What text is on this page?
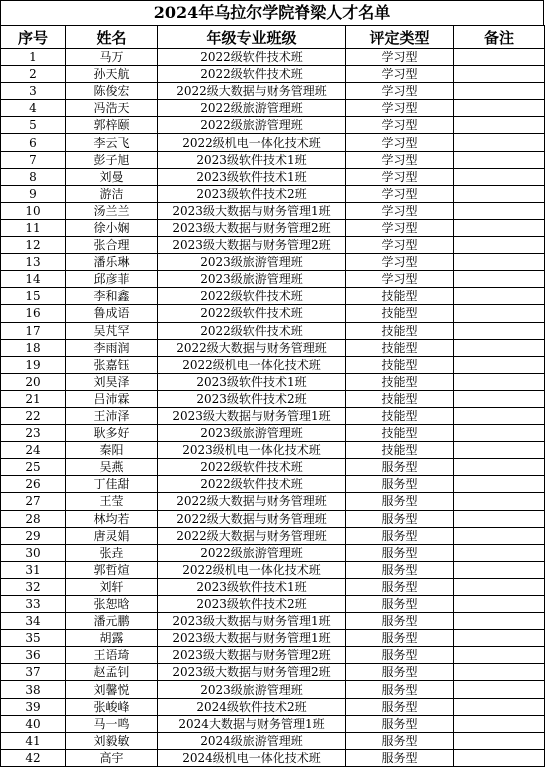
2024年乌拉尔学院脊梁人才名单
序号	姓名	年级专业班级	评定类型	备注
1	马万	2022级软件技术班	学习型	
2	孙天航	2022级软件技术班	学习型	
3	陈俊宏	2022级大数据与财务管理班	学习型	
4	冯浩天	2022级旅游管理班	学习型	
5	郭梓颐	2022级旅游管理班	学习型	
6	李云飞	2022级机电一体化技术班	学习型	
7	彭子旭	2023级软件技术1班	学习型	
8	刘曼	2023级软件技术1班	学习型	
9	游洁	2023级软件技术2班	学习型	
10	汤兰兰	2023级大数据与财务管理1班	学习型	
11	徐小娴	2023级大数据与财务管理2班	学习型	
12	张合理	2023级大数据与财务管理2班	学习型	
13	潘乐琳	2023级旅游管理班	学习型	
14	邱彦菲	2023级旅游管理班	学习型	
15	李和鑫	2022级软件技术班	技能型	
16	鲁成语	2022级软件技术班	技能型	
17	吴芃罕	2022级软件技术班	技能型	
18	李雨润	2022级大数据与财务管理班	技能型	
19	张嘉钰	2022级机电一体化技术班	技能型	
20	刘昊泽	2023级软件技术1班	技能型	
21	吕沛霖	2023级软件技术2班	技能型	
22	王沛泽	2023级大数据与财务管理1班	技能型	
23	耿多好	2023级旅游管理班	技能型	
24	秦阳	2023级机电一体化技术班	技能型	
25	吴燕	2022级软件技术班	服务型	
26	丁佳甜	2022级软件技术班	服务型	
27	王莹	2022级大数据与财务管理班	服务型	
28	林均若	2022级大数据与财务管理班	服务型	
29	唐灵娟	2022级大数据与财务管理班	服务型	
30	张垚	2022级旅游管理班	服务型	
31	郭哲煊	2022级机电一体化技术班	服务型	
32	刘轩	2023级软件技术1班	服务型	
33	张恕晗	2023级软件技术2班	服务型	
34	潘元鹏	2023级大数据与财务管理1班	服务型	
35	胡露	2023级大数据与财务管理1班	服务型	
36	王语琦	2023级大数据与财务管理2班	服务型	
37	赵孟钊	2023级大数据与财务管理2班	服务型	
38	刘馨悦	2023级旅游管理班	服务型	
39	张峻峰	2024级软件技术2班	服务型	
40	马一鸣	2024大数据与财务管理1班	服务型	
41	刘毅敏	2024级旅游管理班	服务型	
42	高宇	2024级机电一体化技术班	服务型	
